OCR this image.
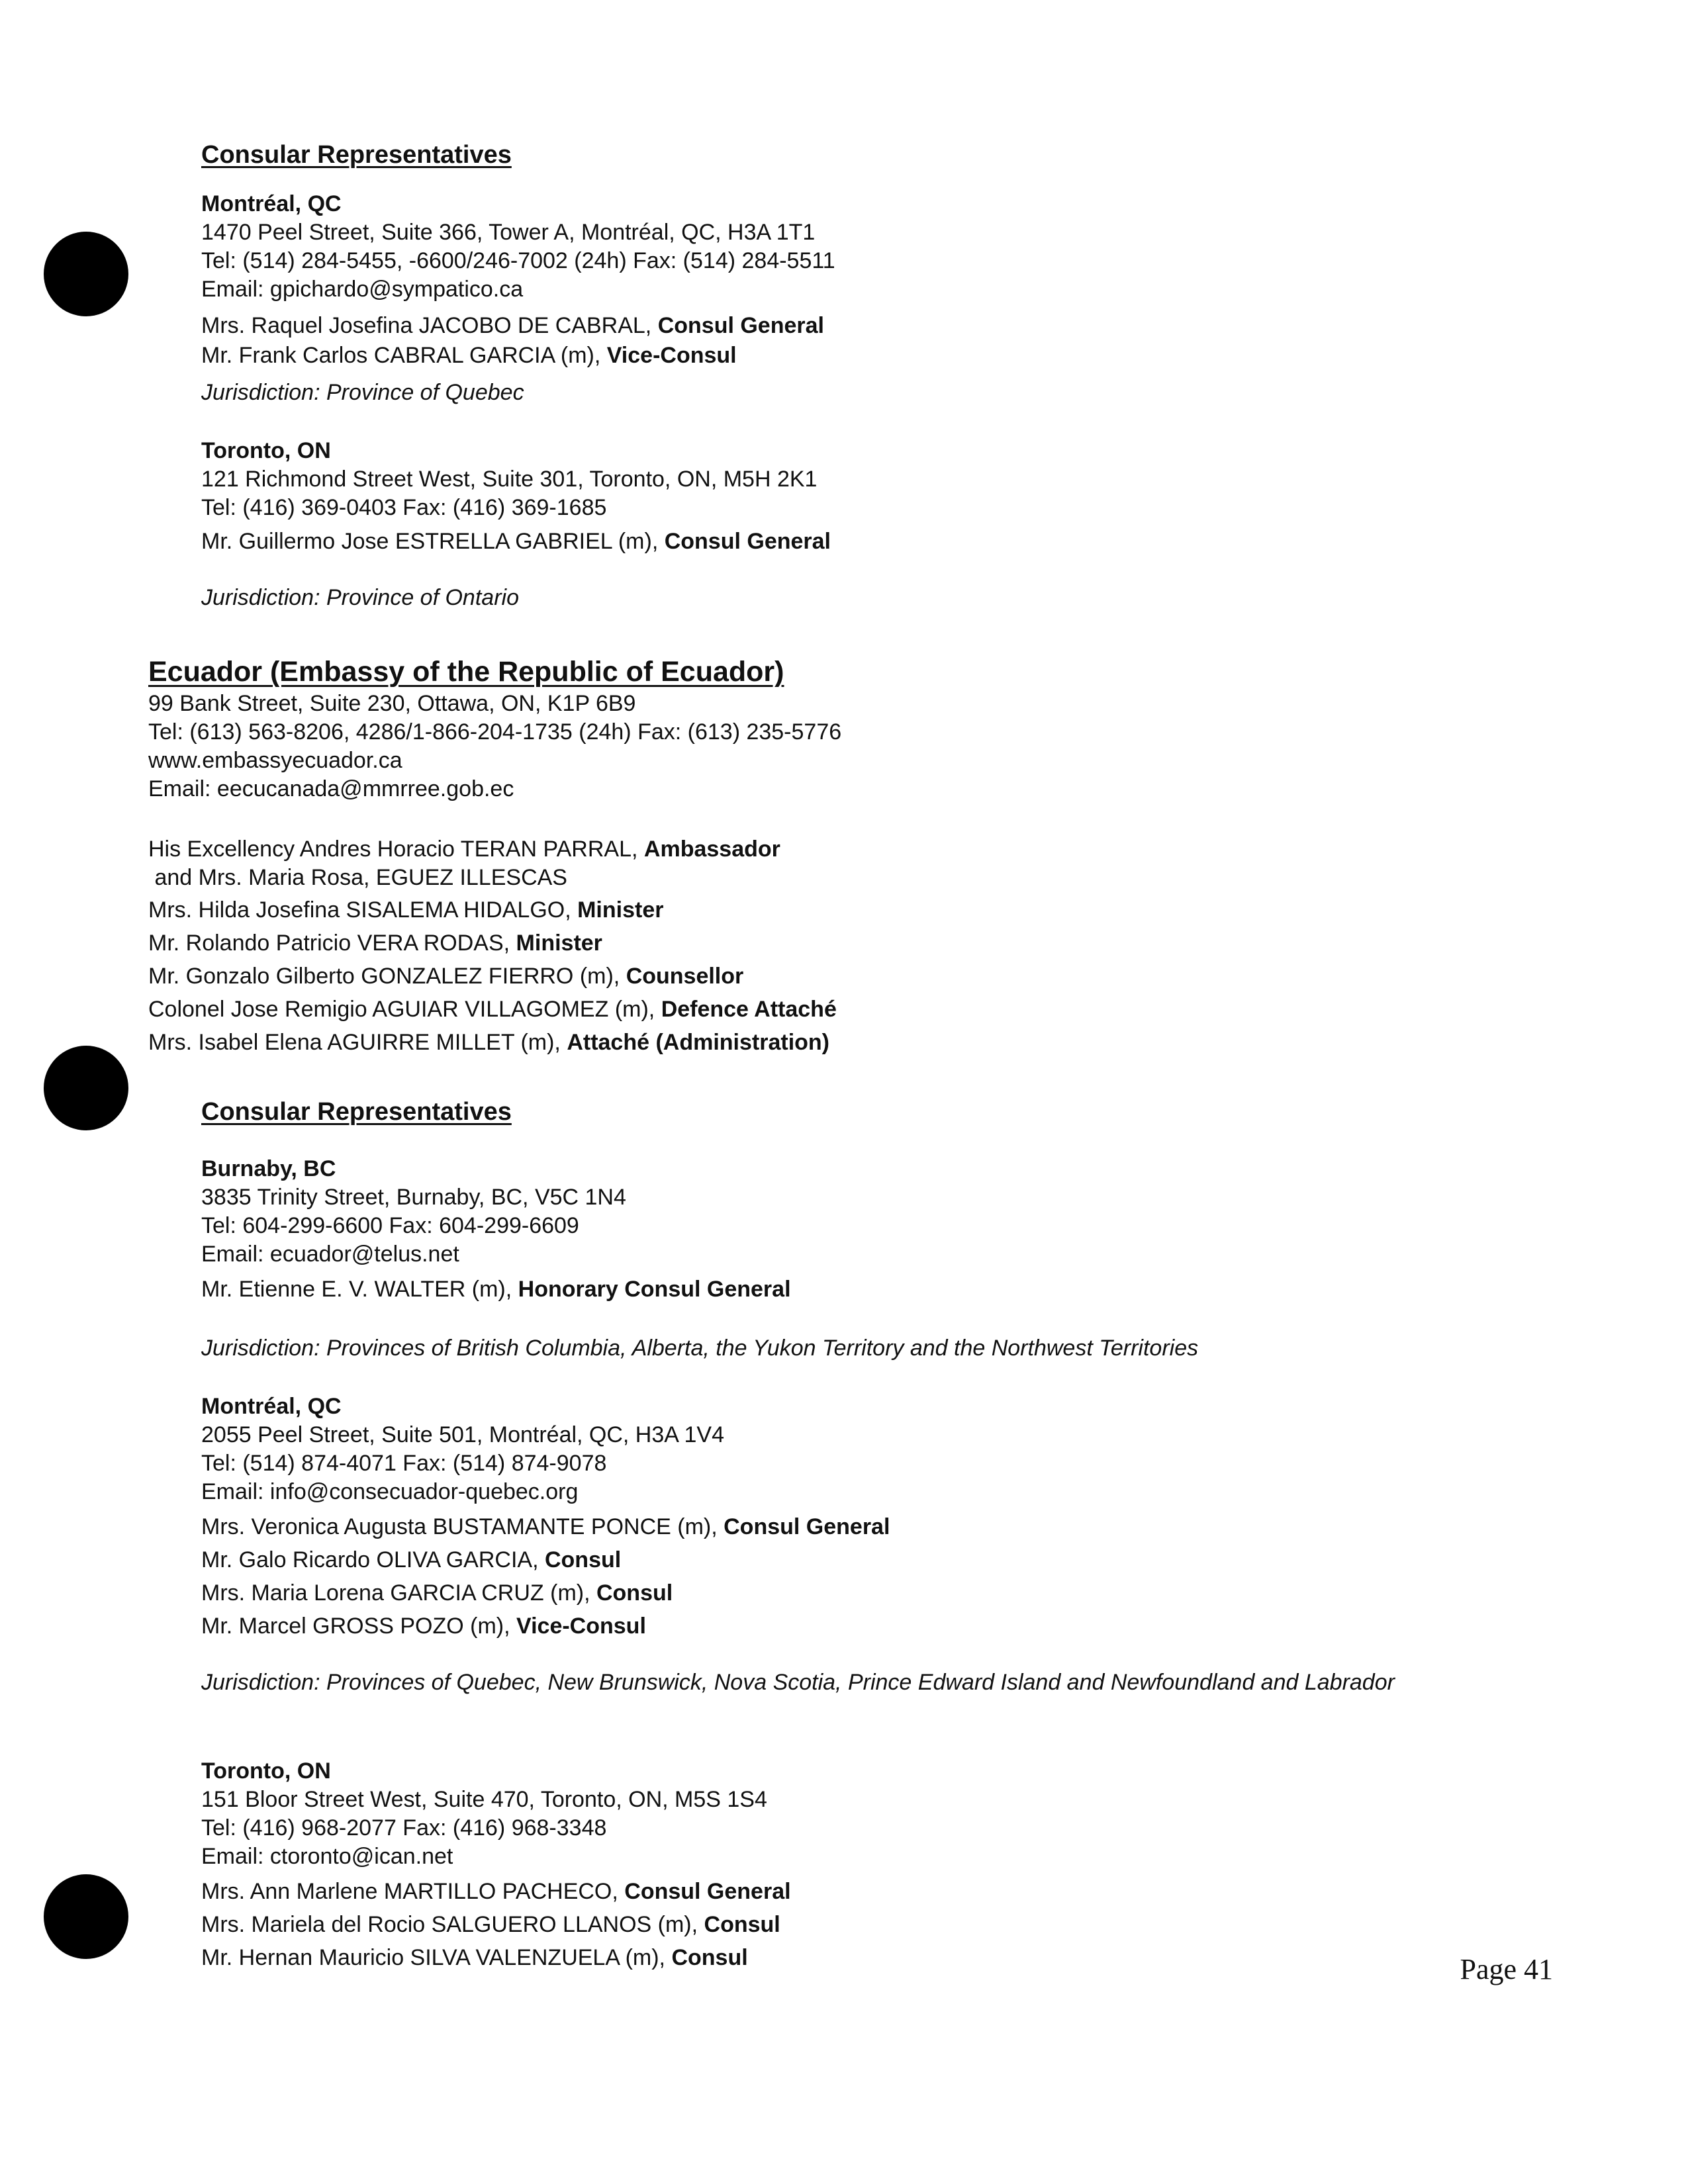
Consular Representatives

Montréal, QC

1470 Peel Street, Suite 366, Tower A, Montréal, QC, H3A 1T1

Tel: (514) 284-5455, -6600/246-7002 (24h) Fax: (514) 284-5511

Email: gpichardo@sympatico.ca

Mrs. Raquel Josefina JACOBO DE CABRAL, Consul General

Mr. Frank Carlos CABRAL GARCIA (m), Vice-Consul

Jurisdiction: Province of Quebec

Toronto, ON

121 Richmond Street West, Suite 301, Toronto, ON, M5H 2K1

Tel: (416) 369-0403 Fax: (416) 369-1685

Mr. Guillermo Jose ESTRELLA GABRIEL (m), Consul General

Jurisdiction: Province of Ontario

Ecuador (Embassy of the Republic of Ecuador)

99 Bank Street, Suite 230, Ottawa, ON, K1P 6B9

Tel: (613) 563-8206, 4286/1-866-204-1735 (24h) Fax: (613) 235-5776

www.embassyecuador.ca

Email: eecucanada@mmrree.gob.ec

His Excellency Andres Horacio TERAN PARRAL, Ambassador

and Mrs. Maria Rosa, EGUEZ ILLESCAS

Mrs. Hilda Josefina SISALEMA HIDALGO, Minister

Mr. Rolando Patricio VERA RODAS, Minister

Mr. Gonzalo Gilberto GONZALEZ FIERRO (m), Counsellor

Colonel Jose Remigio AGUIAR VILLAGOMEZ (m), Defence Attaché

Mrs. Isabel Elena AGUIRRE MILLET (m), Attaché (Administration)

Consular Representatives

Burnaby, BC

3835 Trinity Street, Burnaby, BC, V5C 1N4

Tel: 604-299-6600 Fax: 604-299-6609

Email: ecuador@telus.net

Mr. Etienne E. V. WALTER (m), Honorary Consul General

Jurisdiction: Provinces of British Columbia, Alberta, the Yukon Territory and the Northwest Territories

Montréal, QC

2055 Peel Street, Suite 501, Montréal, QC, H3A 1V4

Tel: (514) 874-4071 Fax: (514) 874-9078

Email: info@consecuador-quebec.org

Mrs. Veronica Augusta BUSTAMANTE PONCE (m), Consul General

Mr. Galo Ricardo OLIVA GARCIA, Consul

Mrs. Maria Lorena GARCIA CRUZ (m), Consul

Mr. Marcel GROSS POZO (m), Vice-Consul

Jurisdiction: Provinces of Quebec, New Brunswick, Nova Scotia, Prince Edward Island and Newfoundland and Labrador

Toronto, ON

151 Bloor Street West, Suite 470, Toronto, ON, M5S 1S4

Tel: (416) 968-2077 Fax: (416) 968-3348

Email: ctoronto@ican.net

Mrs. Ann Marlene MARTILLO PACHECO, Consul General

Mrs. Mariela del Rocio SALGUERO LLANOS (m), Consul

Mr. Hernan Mauricio SILVA VALENZUELA (m), Consul	Page 41
